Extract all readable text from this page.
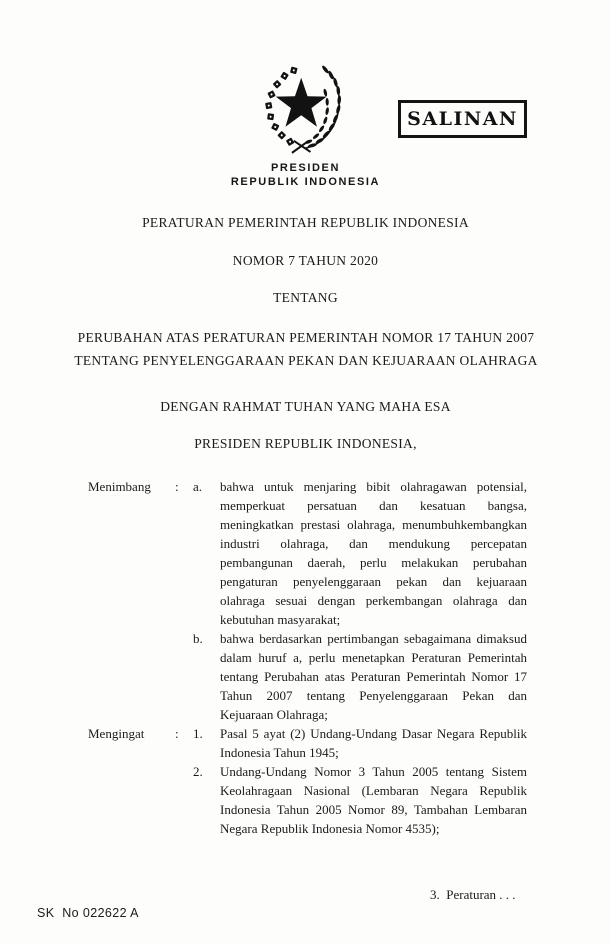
SALINAN
PRESIDEN
REPUBLIK INDONESIA
PERATURAN PEMERINTAH REPUBLIK INDONESIA
NOMOR 7 TAHUN 2020
TENTANG
PERUBAHAN ATAS PERATURAN PEMERINTAH NOMOR 17 TAHUN 2007 TENTANG PENYELENGGARAAN PEKAN DAN KEJUARAAN OLAHRAGA
DENGAN RAHMAT TUHAN YANG MAHA ESA
PRESIDEN REPUBLIK INDONESIA,
Menimbang	:	a.	bahwa untuk menjaring bibit olahragawan potensial, memperkuat persatuan dan kesatuan bangsa, meningkatkan prestasi olahraga, menumbuhkembangkan industri olahraga, dan mendukung percepatan pembangunan daerah, perlu melakukan perubahan pengaturan penyelenggaraan pekan dan kejuaraan olahraga sesuai dengan perkembangan olahraga dan kebutuhan masyarakat;

b.	bahwa berdasarkan pertimbangan sebagaimana dimaksud dalam huruf a, perlu menetapkan Peraturan Pemerintah tentang Perubahan atas Peraturan Pemerintah Nomor 17 Tahun 2007 tentang Penyelenggaraan Pekan dan Kejuaraan Olahraga;

Mengingat	:	1.	Pasal 5 ayat (2) Undang-Undang Dasar Negara Republik Indonesia Tahun 1945;

2.	Undang-Undang Nomor 3 Tahun 2005 tentang Sistem Keolahragaan Nasional (Lembaran Negara Republik Indonesia Tahun 2005 Nomor 89, Tambahan Lembaran Negara Republik Indonesia Nomor 4535);

3.  Peraturan . . .
SK  No 022622 A
